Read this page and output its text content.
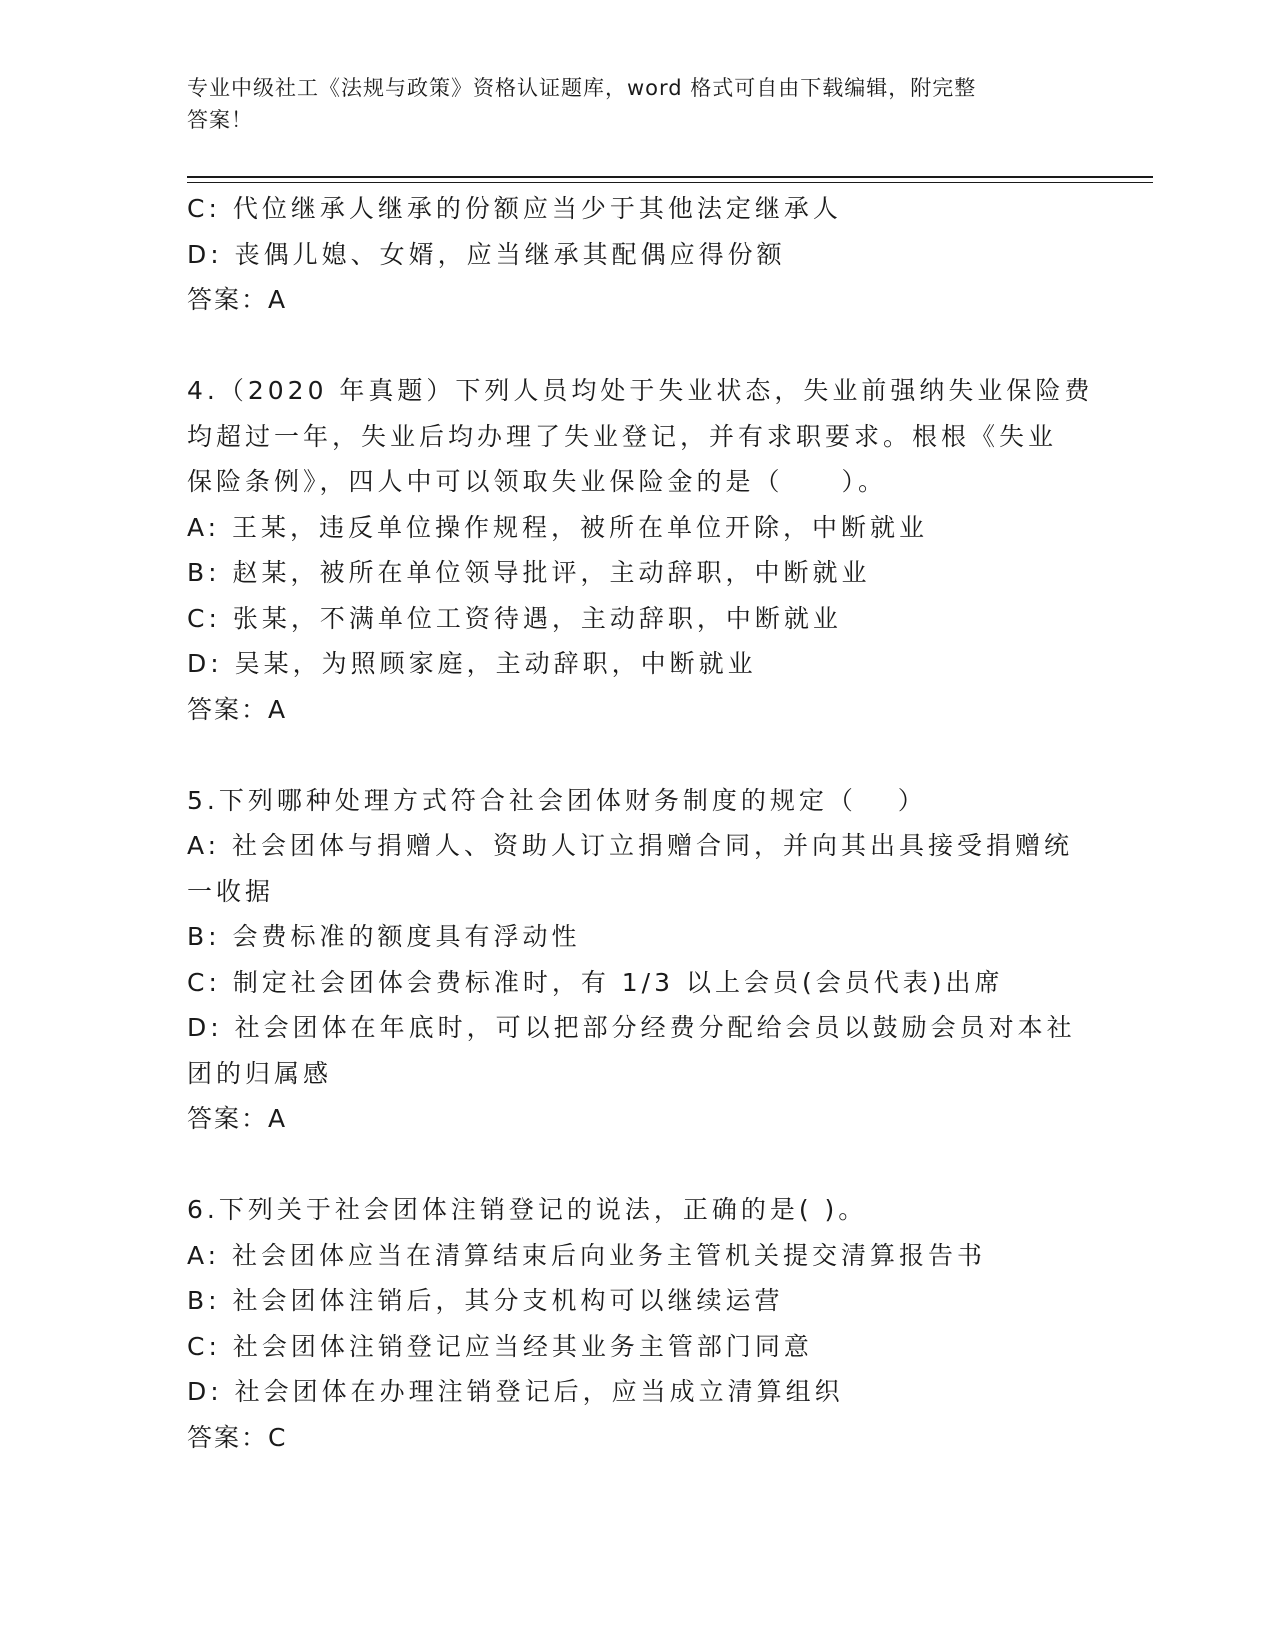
专业中级社工《法规与政策》资格认证题库，word 格式可自由下载编辑，附完整
答案！
C: 代位继承人继承的份额应当少于其他法定继承人
D: 丧偶儿媳、女婿，应当继承其配偶应得份额
答案：A
4.（2020 年真题）下列人员均处于失业状态，失业前强纳失业保险费
均超过一年，失业后均办理了失业登记，并有求职要求。根根《失业
保险条例》，四人中可以领取失业保险金的是（　　）。
A: 王某，违反单位操作规程，被所在单位开除，中断就业
B: 赵某，被所在单位领导批评，主动辞职，中断就业
C: 张某，不满单位工资待遇，主动辞职，中断就业
D: 吴某，为照顾家庭，主动辞职，中断就业
答案：A
5.下列哪种处理方式符合社会团体财务制度的规定（　 ）
A: 社会团体与捐赠人、资助人订立捐赠合同，并向其出具接受捐赠统
一收据
B: 会费标准的额度具有浮动性
C: 制定社会团体会费标准时，有 1/3 以上会员(会员代表)出席
D: 社会团体在年底时，可以把部分经费分配给会员以鼓励会员对本社
团的归属感
答案：A
6.下列关于社会团体注销登记的说法，正确的是( )。
A: 社会团体应当在清算结束后向业务主管机关提交清算报告书
B: 社会团体注销后，其分支机构可以继续运营
C: 社会团体注销登记应当经其业务主管部门同意
D: 社会团体在办理注销登记后，应当成立清算组织
答案：C
